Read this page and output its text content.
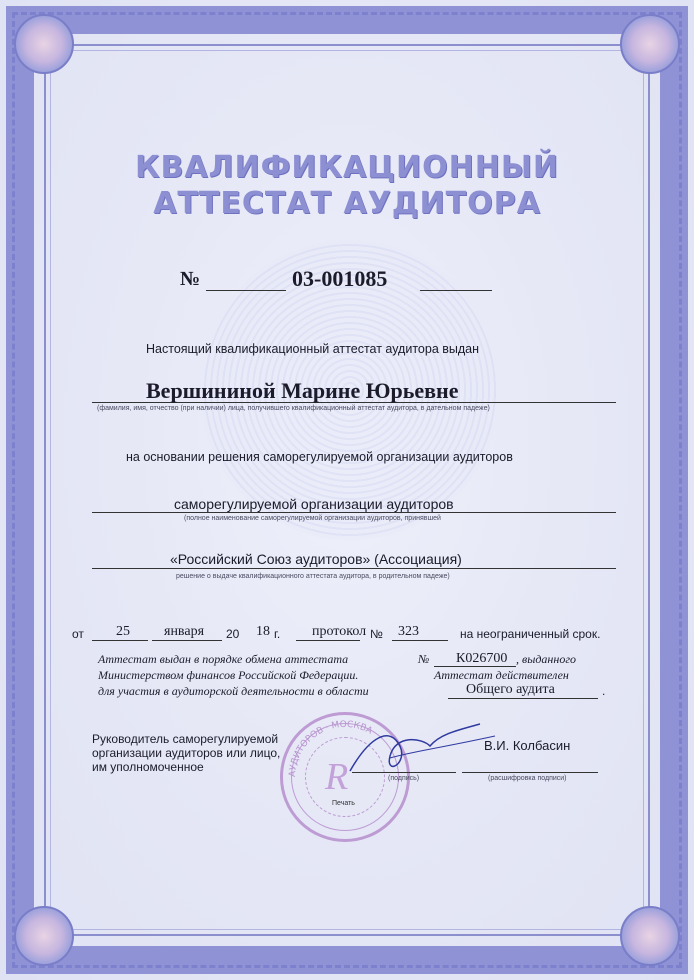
КВАЛИФИКАЦИОННЫЙ
АТТЕСТАТ АУДИТОРА
№	03-001085
Настоящий квалификационный аттестат аудитора выдан
Вершининой Марине Юрьевне
(фамилия, имя, отчество (при наличии) лица, получившего квалификационный аттестат аудитора, в дательном падеже)
на основании решения саморегулируемой организации аудиторов
саморегулируемой организации аудиторов
(полное наименование саморегулируемой организации аудиторов, принявшей
«Российский Союз аудиторов» (Ассоциация)
решение о выдаче квалификационного аттестата аудитора, в родительном падеже)
от 25 января 20 18 г. протокол № 323	на неограниченный срок.
Аттестат выдан в порядке обмена аттестата	№ К026700 , выданного
Министерством финансов Российской Федерации.	Аттестат действителен
для участия в аудиторской деятельности в области	Общего аудита	.
Руководитель саморегулируемой
организации аудиторов или лицо,
им уполномоченное	АУДИТОРОВ · МОСКВА
R
Печать
(подпись)
В.И. Колбасин
(расшифровка подписи)
